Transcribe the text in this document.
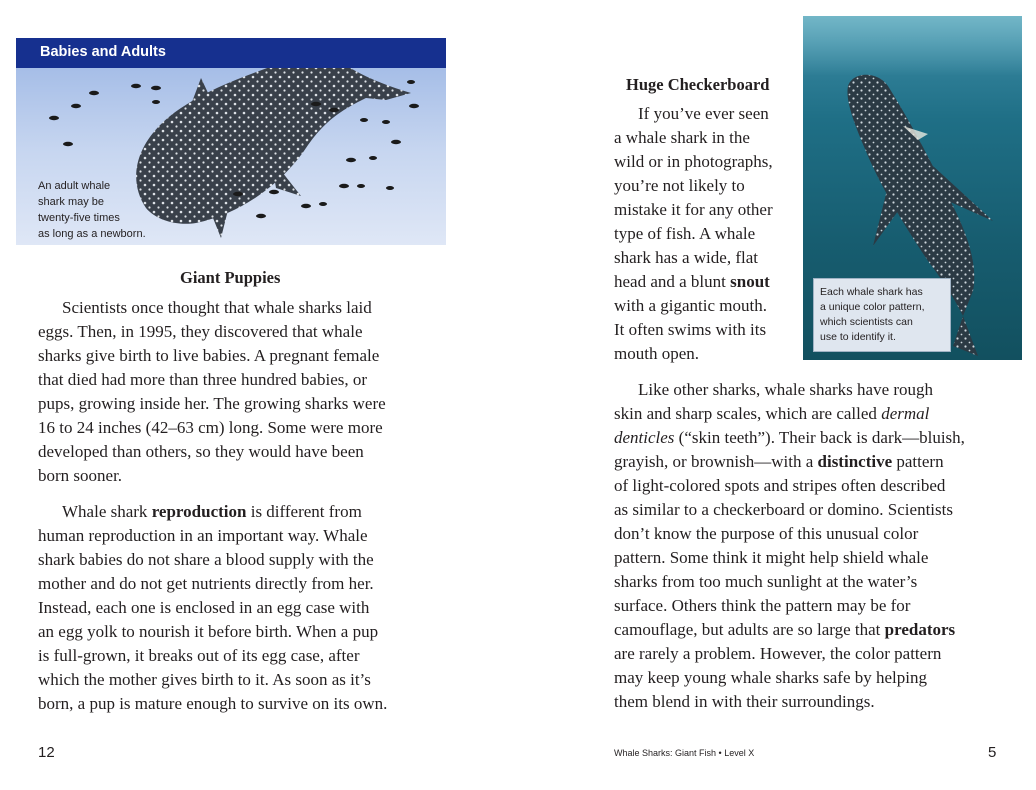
Babies and Adults
An adult whale
shark may be
twenty-five times
as long as a newborn.
Giant Puppies
Scientists once thought that whale sharks laid
eggs. Then, in 1995, they discovered that whale
sharks give birth to live babies. A pregnant female
that died had more than three hundred babies, or
pups, growing inside her. The growing sharks were
16 to 24 inches (42–63 cm) long. Some were more
developed than others, so they would have been
born sooner.
Whale shark reproduction is different from
human reproduction in an important way. Whale
shark babies do not share a blood supply with the
mother and do not get nutrients directly from her.
Instead, each one is enclosed in an egg case with
an egg yolk to nourish it before birth. When a pup
is full-grown, it breaks out of its egg case, after
which the mother gives birth to it. As soon as it’s
born, a pup is mature enough to survive on its own.
12
Huge Checkerboard
If you’ve ever seen
a whale shark in the
wild or in photographs,
you’re not likely to
mistake it for any other
type of fish. A whale
shark has a wide, flat
head and a blunt snout
with a gigantic mouth.
It often swims with its
mouth open.
Each whale shark has
a unique color pattern,
which scientists can
use to identify it.
Like other sharks, whale sharks have rough
skin and sharp scales, which are called dermal
denticles (“skin teeth”). Their back is dark—bluish,
grayish, or brownish—with a distinctive pattern
of light-colored spots and stripes often described
as similar to a checkerboard or domino. Scientists
don’t know the purpose of this unusual color
pattern. Some think it might help shield whale
sharks from too much sunlight at the water’s
surface. Others think the pattern may be for
camouflage, but adults are so large that predators
are rarely a problem. However, the color pattern
may keep young whale sharks safe by helping
them blend in with their surroundings.
Whale Sharks: Giant Fish • Level X	5
